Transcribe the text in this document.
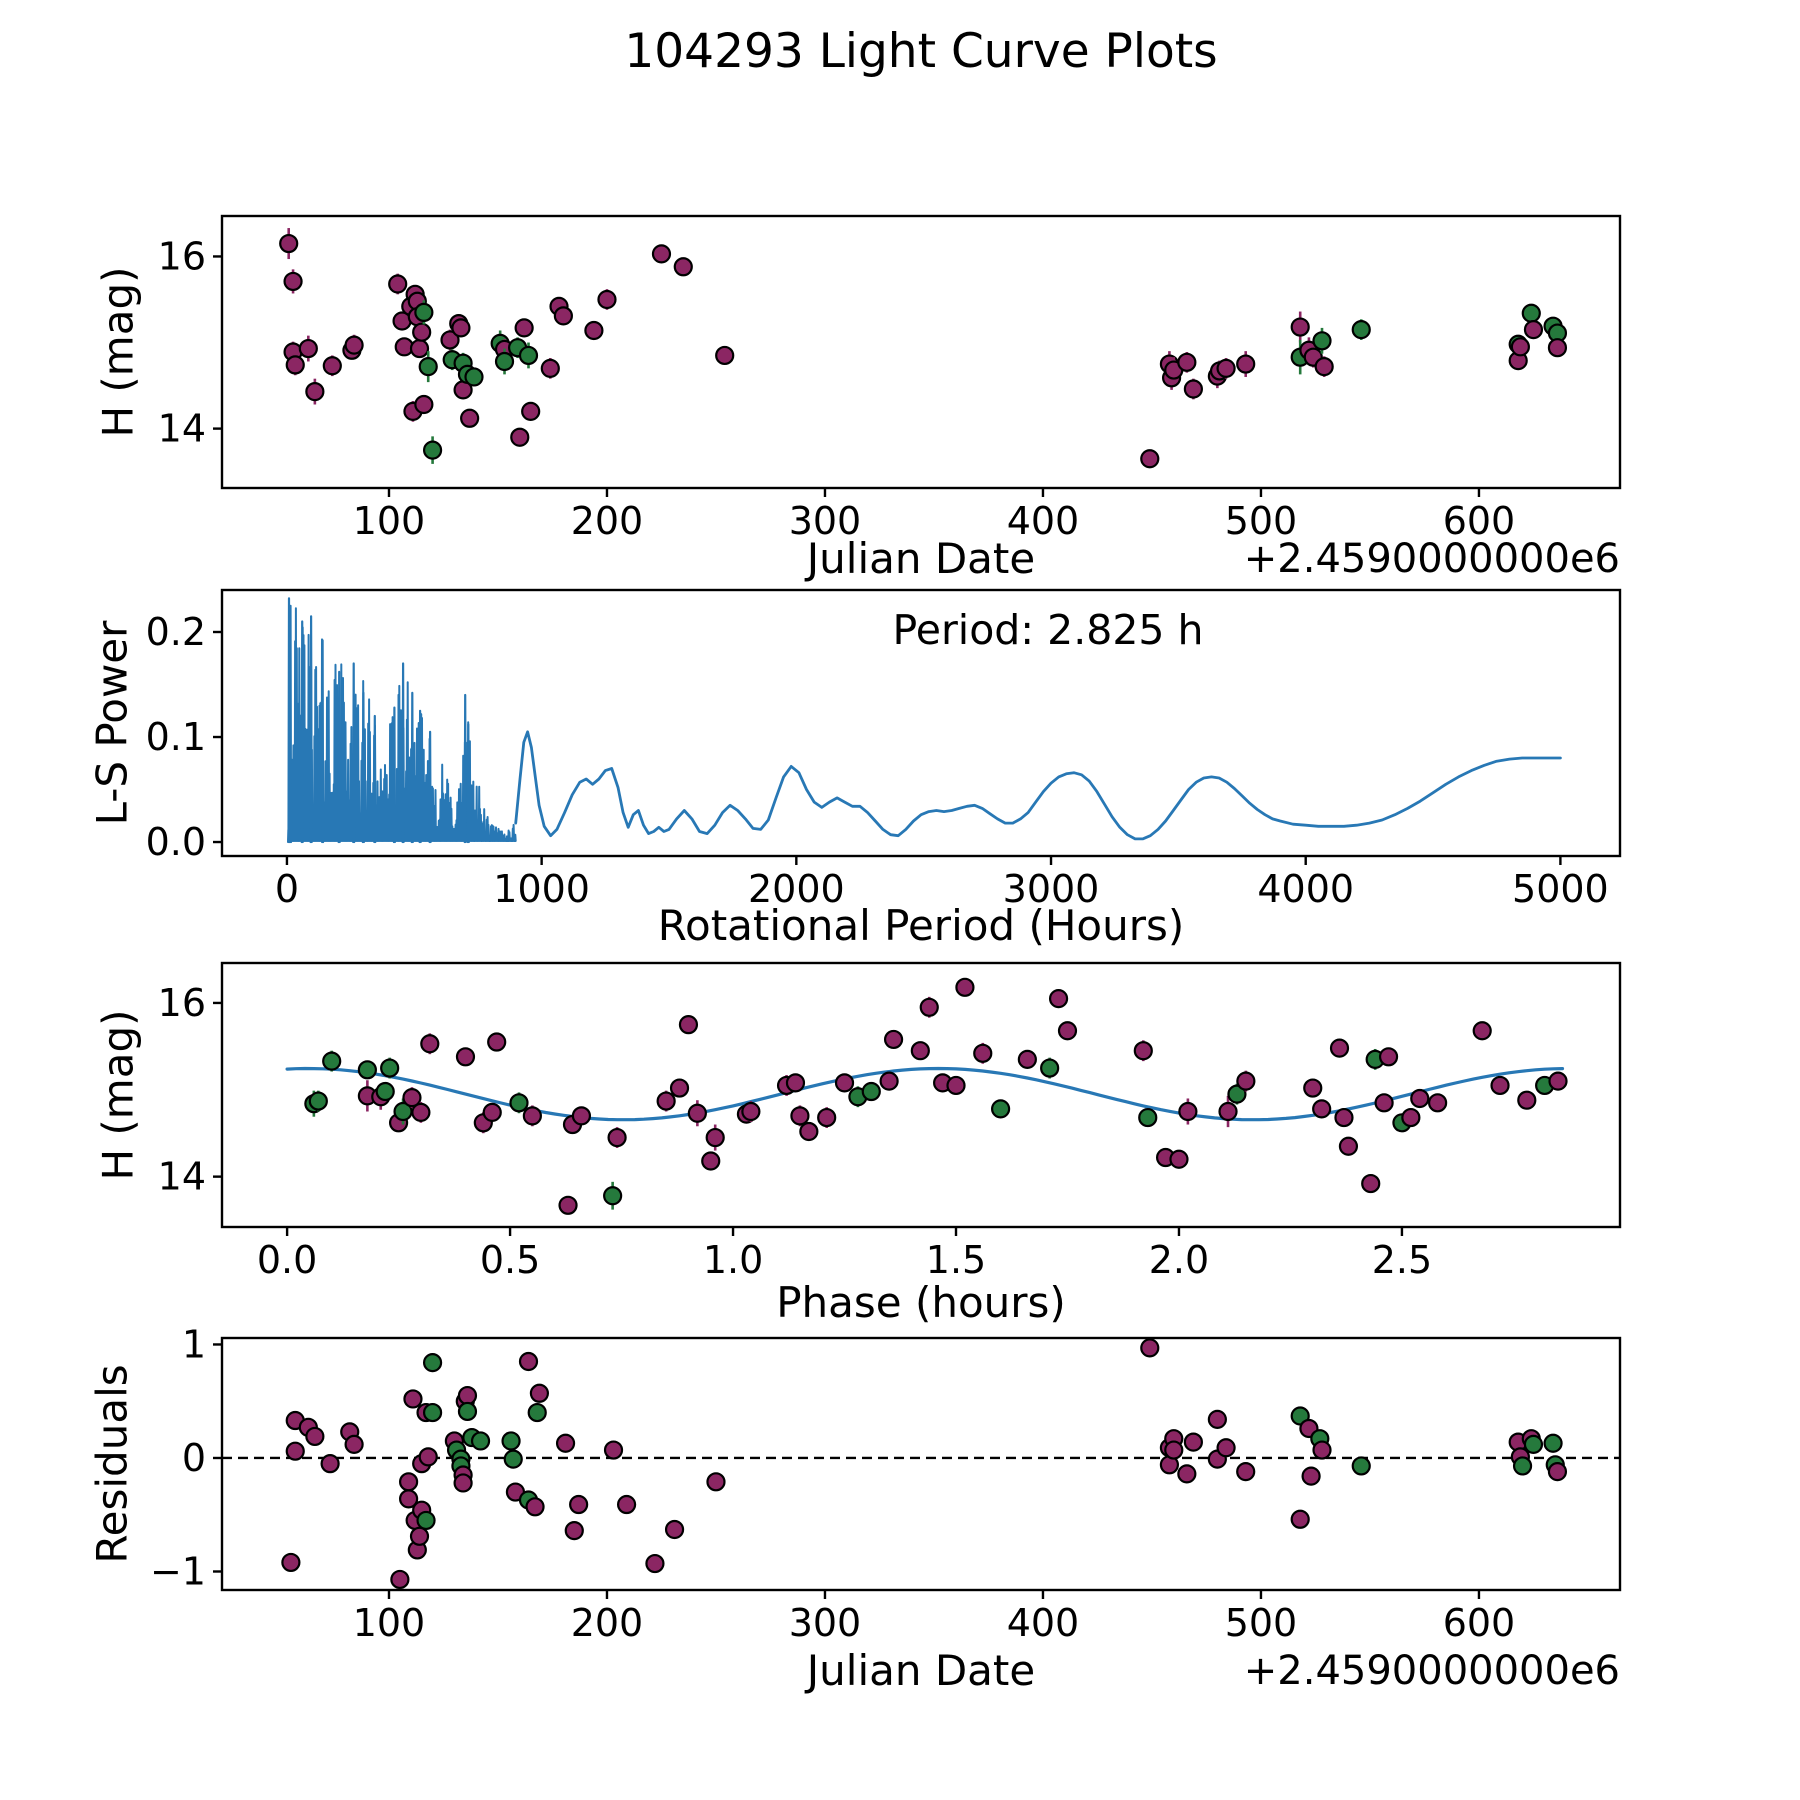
100	200	300	400	500	600
14
16
0	1000	2000	3000	4000	5000
0.0
0.1
0.2
0.0	0.5	1.0	1.5	2.0	2.5
14
16
100	200	300	400	500	600
−1
0
1
104293 Light Curve Plots
H (mag)
L-S Power
H (mag)
Residuals
Julian Date	+2.4590000000e6
Rotational Period (Hours)
Period: 2.825 h
Phase (hours)
Julian Date	+2.4590000000e6
